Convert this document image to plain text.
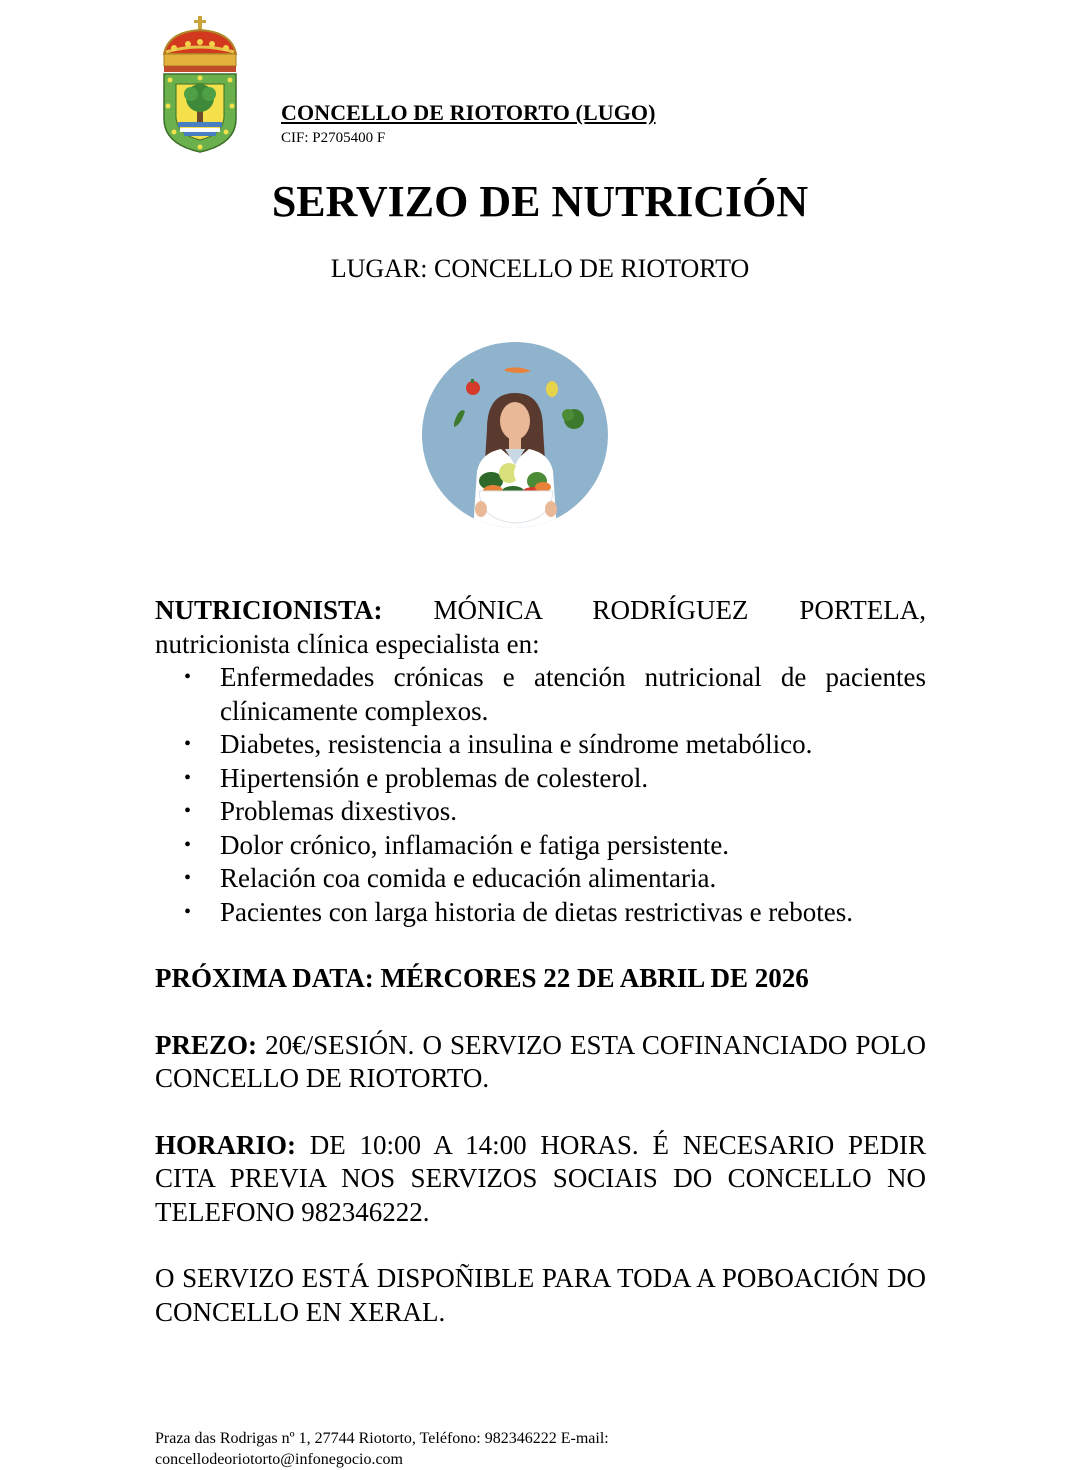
CONCELLO DE RIOTORTO (LUGO)
CIF: P2705400 F
SERVIZO DE NUTRICIÓN
LUGAR: CONCELLO DE RIOTORTO

NUTRICIONISTA: MÓNICA RODRÍGUEZ PORTELA,

nutricionista clínica especialista en:

• Enfermedades crónicas e atención nutricional de pacientes clínicamente complexos.
• Diabetes, resistencia a insulina e síndrome metabólico.
• Hipertensión e problemas de colesterol.
• Problemas dixestivos.
• Dolor crónico, inflamación e fatiga persistente.
• Relación coa comida e educación alimentaria.
• Pacientes con larga historia de dietas restrictivas e rebotes.

PRÓXIMA DATA: MÉRCORES 22 DE ABRIL DE 2026

PREZO: 20€/SESIÓN. O SERVIZO ESTA COFINANCIADO POLO CONCELLO DE RIOTORTO.

HORARIO: DE 10:00 A 14:00 HORAS. É NECESARIO PEDIR CITA PREVIA NOS SERVIZOS SOCIAIS DO CONCELLO NO TELEFONO 982346222.

O SERVIZO ESTÁ DISPOÑIBLE PARA TODA A POBOACIÓN DO CONCELLO EN XERAL.

Praza das Rodrigas nº 1, 27744 Riotorto, Teléfono: 982346222 E-mail:
concellodeoriotorto@infonegocio.com
